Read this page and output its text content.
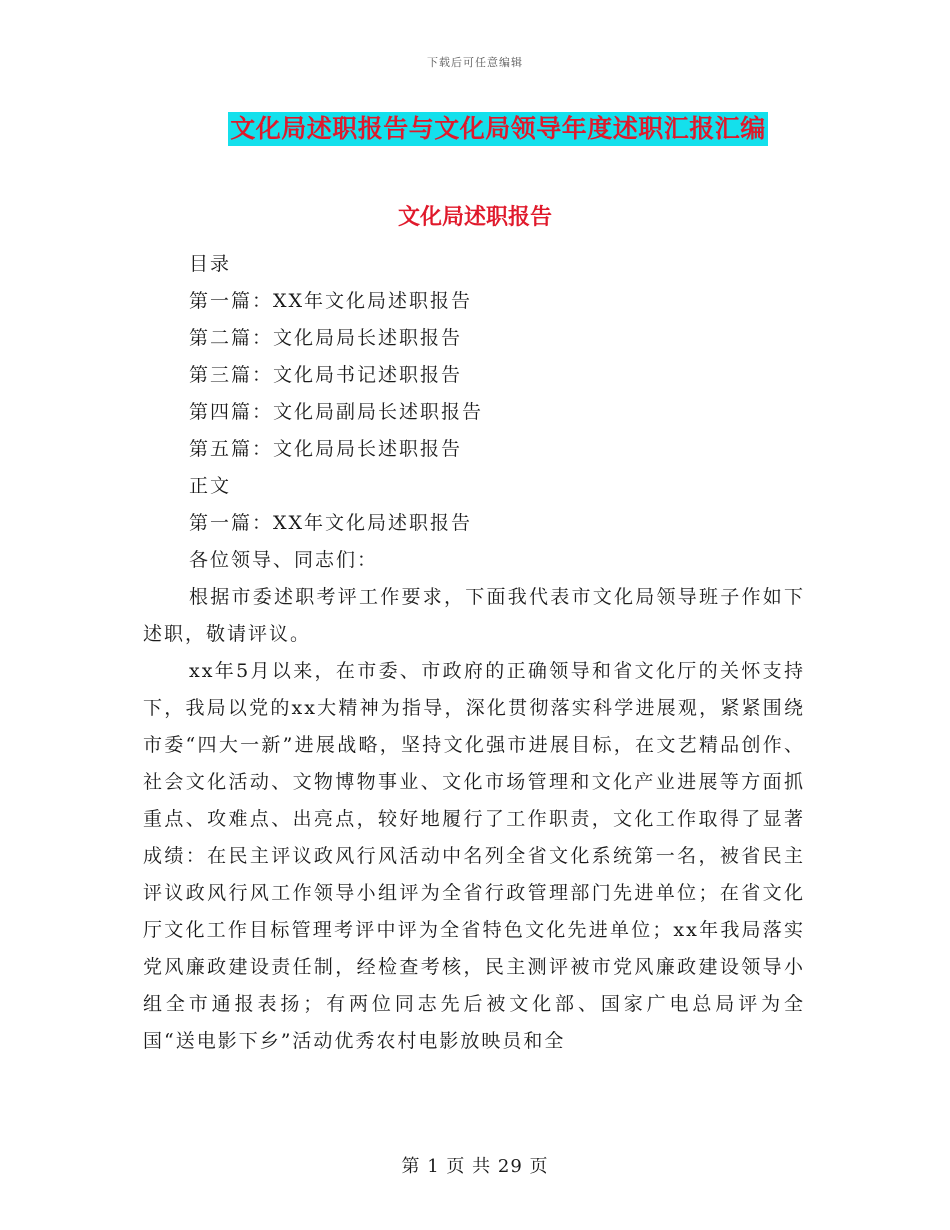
下载后可任意编辑
文化局述职报告与文化局领导年度述职汇报汇编
文化局述职报告

目录

第一篇：XX年文化局述职报告

第二篇：文化局局长述职报告

第三篇：文化局书记述职报告

第四篇：文化局副局长述职报告

第五篇：文化局局长述职报告

正文

第一篇：XX年文化局述职报告

各位领导、同志们：

根据市委述职考评工作要求，下面我代表市文化局领导班子作如下述职，敬请评议。

xx年5月以来，在市委、市政府的正确领导和省文化厅的关怀支持下，我局以党的xx大精神为指导，深化贯彻落实科学进展观，紧紧围绕市委“四大一新”进展战略，坚持文化强市进展目标，在文艺精品创作、社会文化活动、文物博物事业、文化市场管理和文化产业进展等方面抓重点、攻难点、出亮点，较好地履行了工作职责，文化工作取得了显著成绩：在民主评议政风行风活动中名列全省文化系统第一名，被省民主评议政风行风工作领导小组评为全省行政管理部门先进单位；在省文化厅文化工作目标管理考评中评为全省特色文化先进单位；xx年我局落实党风廉政建设责任制，经检查考核，民主测评被市党风廉政建设领导小组全市通报表扬；有两位同志先后被文化部、国家广电总局评为全国“送电影下乡”活动优秀农村电影放映员和全

第 1 页 共 29 页
